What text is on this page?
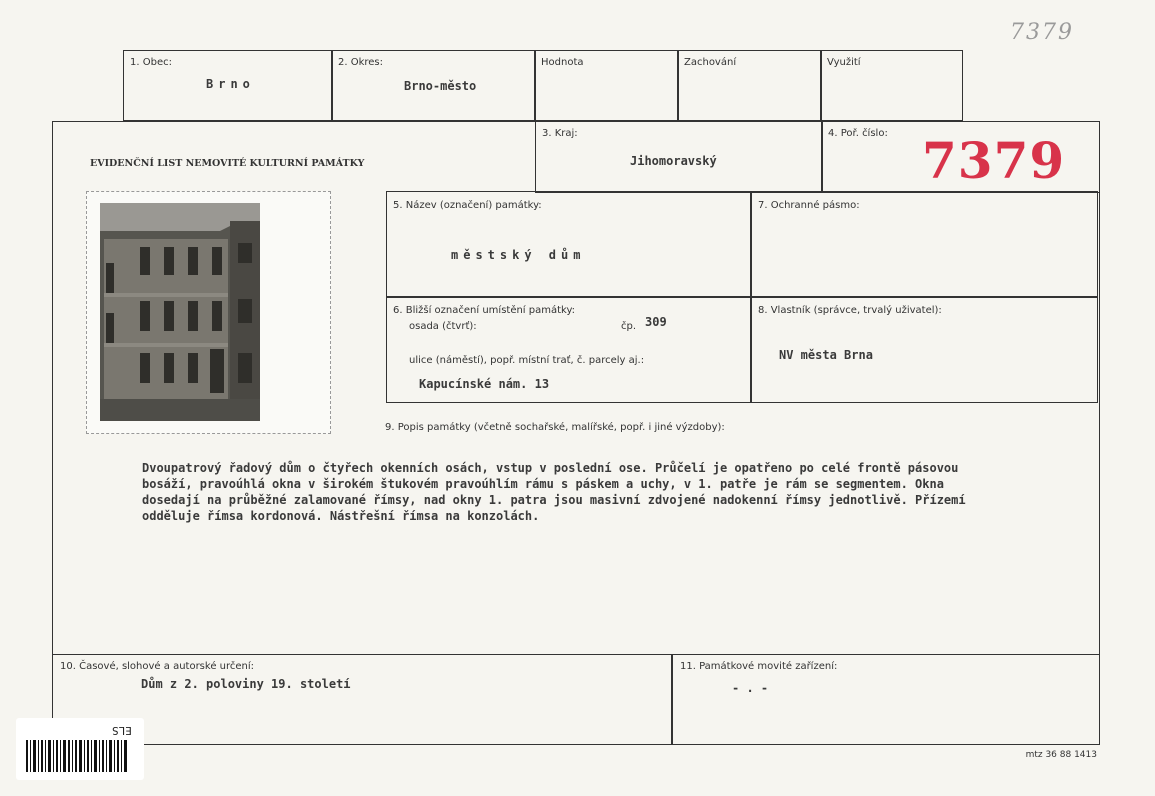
7379
1. Obec:
Brno
2. Okres:
Brno-město
Hodnota	Zachování	Využití
EVIDENČNÍ LIST NEMOVITÉ KULTURNÍ PAMÁTKY
3. Kraj:
Jihomoravský
4. Poř. číslo: 7379
5. Název (označení) památky:
městský dům
7. Ochranné pásmo:
6. Bližší označení umístění památky:
osada (čtvrť):	čp. 309
ulice (náměstí), popř. místní trať, č. parcely aj.:
Kapucínské nám. 13
8. Vlastník (správce, trvalý uživatel):
NV města Brna
9. Popis památky (včetně sochařské, malířské, popř. i jiné výzdoby):
Dvoupatrový řadový dům o čtyřech okenních osách, vstup v poslední ose. Průčelí je opatřeno po celé frontě pásovou
bosáží, pravoúhlá okna v širokém štukovém pravoúhlím rámu s páskem a uchy, v 1. patře je rám se segmentem. Okna
dosedají na průběžné zalamované římsy, nad okny 1. patra jsou masivní zdvojené nadokenní římsy jednotlivě. Přízemí
odděluje římsa kordonová. Nástřešní římsa na konzolách.
10. Časové, slohové a autorské určení:
Dům z 2. poloviny 19. století
11. Památkové movité zařízení:
- . -
ELS
mtz 36 88 1413
